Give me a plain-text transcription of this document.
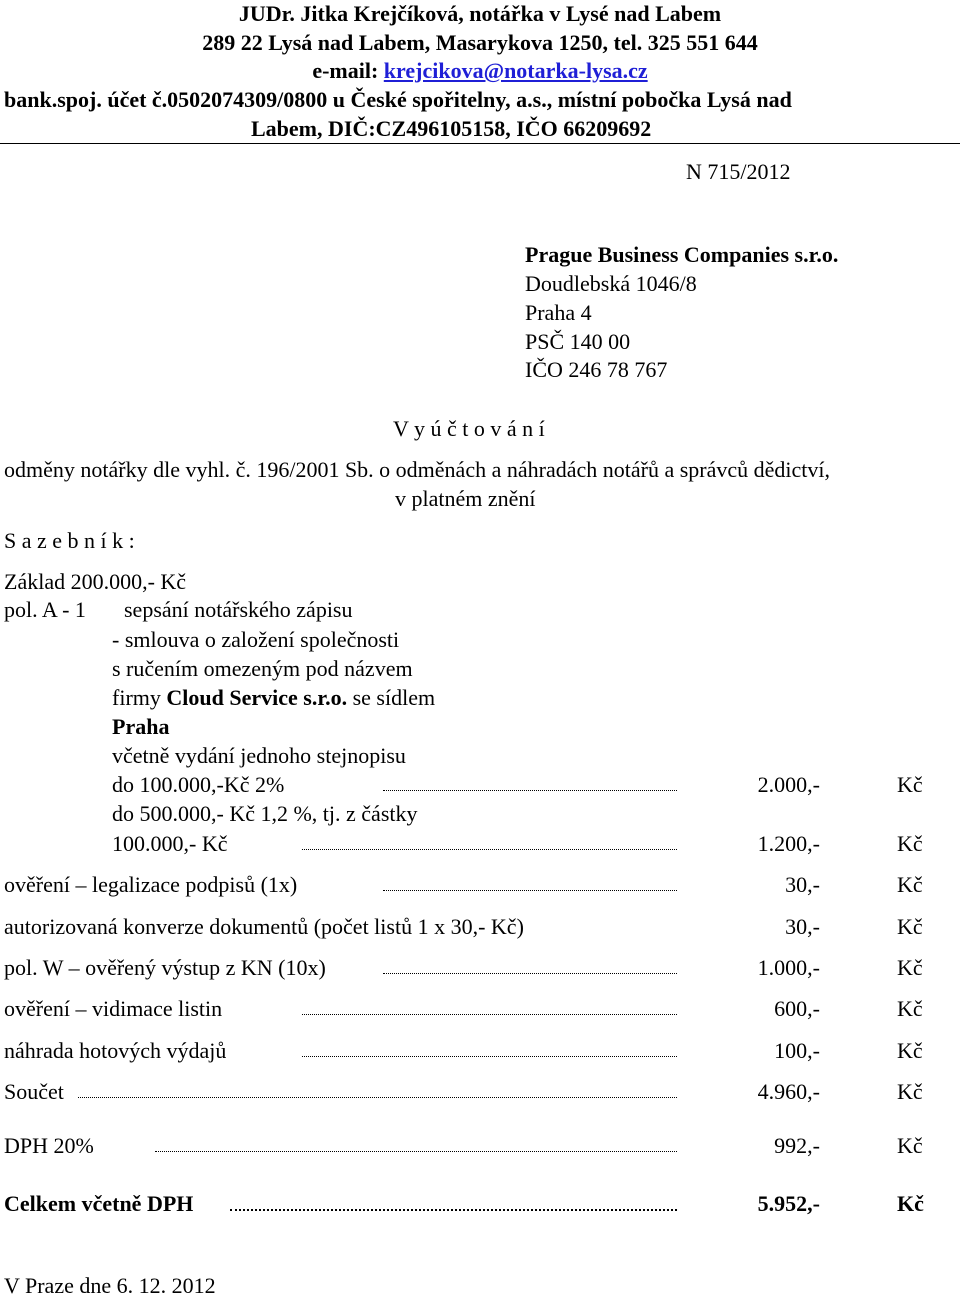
JUDr. Jitka Krejčíková, notářka v Lysé nad Labem
289 22 Lysá nad Labem, Masarykova 1250, tel. 325 551 644
e-mail: krejcikova@notarka-lysa.cz
bank.spoj. účet č.0502074309/0800 u České spořitelny, a.s., místní pobočka Lysá nad
Labem, DIČ:CZ496105158, IČO 66209692
N 715/2012
Prague Business Companies s.r.o.
Doudlebská 1046/8
Praha 4
PSČ 140 00
IČO 246 78 767
V y ú č t o v á n í
odměny notářky dle vyhl. č. 196/2001 Sb. o odměnách a náhradách notářů a správců dědictví,
v platném znění
S a z e b n í k :
Základ 200.000,- Kč
pol. A - 1 sepsání notářského zápisu
- smlouva o založení společnosti
s ručením omezeným pod názvem
firmy Cloud Service s.r.o. se sídlem
Praha
včetně vydání jednoho stejnopisu
do 100.000,-Kč 2%	2.000,-	Kč
do 500.000,- Kč 1,2 %, tj. z částky
100.000,- Kč	1.200,-	Kč
ověření – legalizace podpisů (1x)	30,-	Kč
autorizovaná konverze dokumentů (počet listů 1 x 30,- Kč)	30,-	Kč
pol. W – ověřený výstup z KN (10x)	1.000,-	Kč
ověření – vidimace listin	600,-	Kč
náhrada hotových výdajů	100,-	Kč
Součet	4.960,-	Kč
DPH 20%	992,-	Kč
Celkem včetně DPH	5.952,-	Kč
V Praze dne 6. 12. 2012
